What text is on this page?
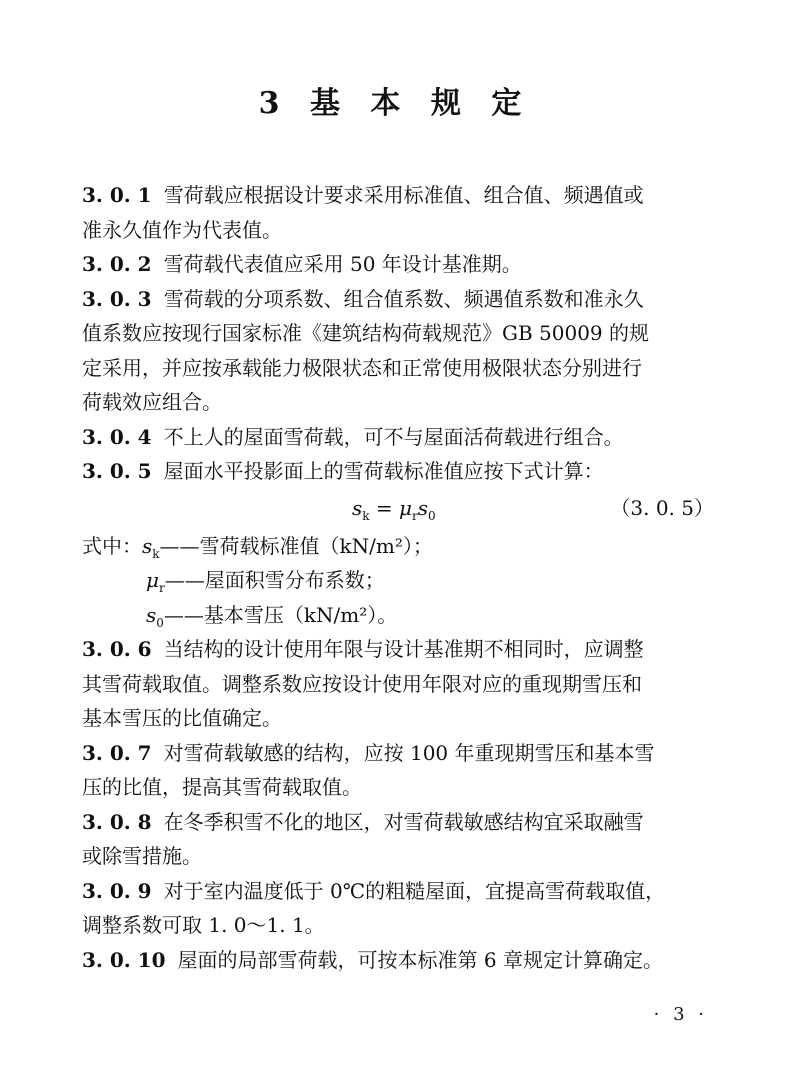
3 基 本 规 定
3. 0. 1 雪荷载应根据设计要求采用标准值、组合值、频遇值或
准永久值作为代表值。
3. 0. 2 雪荷载代表值应采用 50 年设计基准期。
3. 0. 3 雪荷载的分项系数、组合值系数、频遇值系数和准永久
值系数应按现行国家标准《建筑结构荷载规范》GB 50009 的规
定采用，并应按承载能力极限状态和正常使用极限状态分别进行
荷载效应组合。
3. 0. 4 不上人的屋面雪荷载，可不与屋面活荷载进行组合。
3. 0. 5 屋面水平投影面上的雪荷载标准值应按下式计算：
$s_k = \mu_rs_0$	（3. 0. 5）
式中：$s_k——$雪荷载标准值（kN/m²）；
$\mu_r——$屋面积雪分布系数；
$s_0——$基本雪压（kN/m²）。
3. 0. 6 当结构的设计使用年限与设计基准期不相同时，应调整
其雪荷载取值。调整系数应按设计使用年限对应的重现期雪压和
基本雪压的比值确定。
3. 0. 7 对雪荷载敏感的结构，应按 100 年重现期雪压和基本雪
压的比值，提高其雪荷载取值。
3. 0. 8 在冬季积雪不化的地区，对雪荷载敏感结构宜采取融雪
或除雪措施。
3. 0. 9 对于室内温度低于 0℃的粗糙屋面，宜提高雪荷载取值，
调整系数可取 1. 0～1. 1。
3. 0. 10 屋面的局部雪荷载，可按本标准第 6 章规定计算确定。
· 3 ·
